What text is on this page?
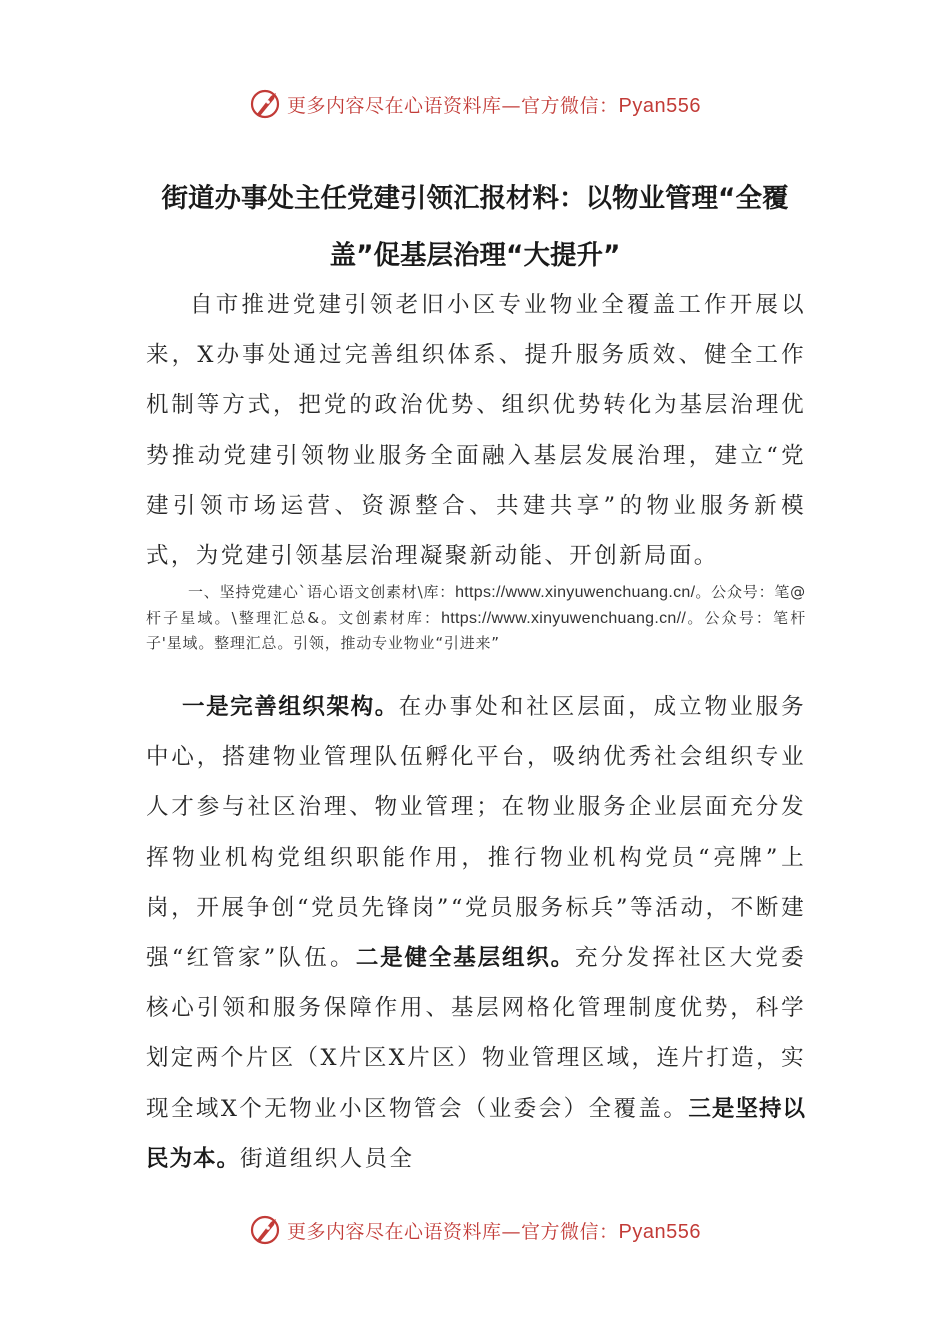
更多内容尽在心语资料库—官方微信：Pyan556
街道办事处主任党建引领汇报材料：以物业管理“全覆盖”促基层治理“大提升”

自市推进党建引领老旧小区专业物业全覆盖工作开展以来，X办事处通过完善组织体系、提升服务质效、健全工作机制等方式，把党的政治优势、组织优势转化为基层治理优势推动党建引领物业服务全面融入基层发展治理，建立“党建引领市场运营、资源整合、共建共享”的物业服务新模式，为党建引领基层治理凝聚新动能、开创新局面。

一、坚持党建心`语心语文创素材\库：https://www.xinyuwenchuang.cn/。公众号：笔@杆子星域。\整理汇总&。文创素材库：https://www.xinyuwenchuang.cn//。公众号：笔杆子'星域。整理汇总。引领，推动专业物业“引进来”

一是完善组织架构。在办事处和社区层面，成立物业服务中心，搭建物业管理队伍孵化平台，吸纳优秀社会组织专业人才参与社区治理、物业管理；在物业服务企业层面充分发挥物业机构党组织职能作用，推行物业机构党员“亮牌”上岗，开展争创“党员先锋岗”“党员服务标兵”等活动，不断建强“红管家”队伍。二是健全基层组织。充分发挥社区大党委核心引领和服务保障作用、基层网格化管理制度优势，科学划定两个片区（X片区X片区）物业管理区域，连片打造，实现全域X个无物业小区物管会（业委会）全覆盖。三是坚持以民为本。街道组织人员全

更多内容尽在心语资料库—官方微信：Pyan556
